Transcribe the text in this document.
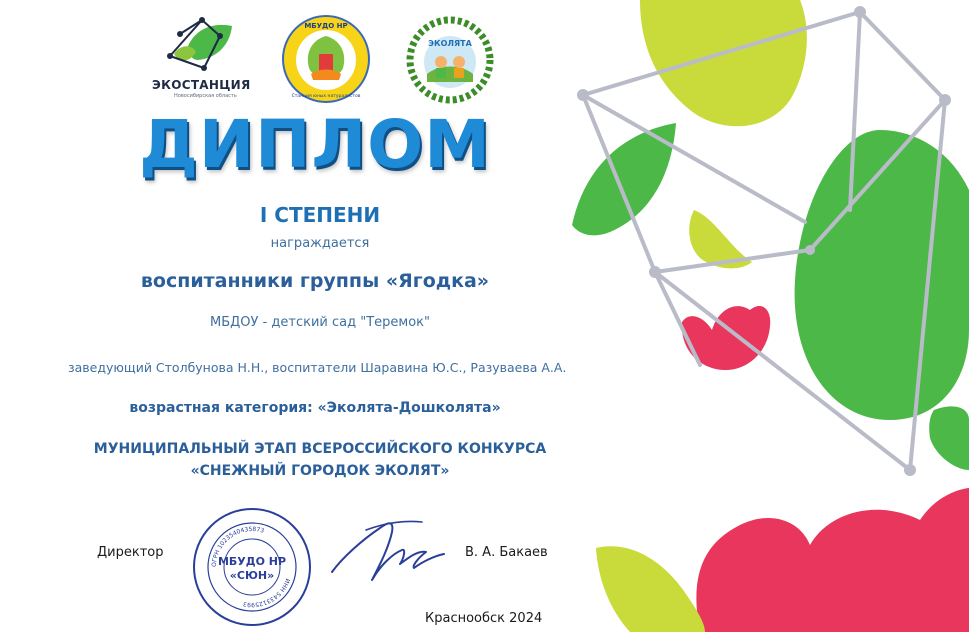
ЭКОСТАНЦИЯ
Новосибирская область
МБУДО НР
Станция юных натуралистов
ЭКОЛЯТА
ДИПЛОМ
I СТЕПЕНИ
награждается
воспитанники группы «Ягодка»
МБДОУ - детский сад "Теремок"
заведующий Столбунова Н.Н., воспитатели Шаравина Ю.С., Разуваева А.А.
возрастная категория: «Эколята-Дошколята»
МУНИЦИПАЛЬНЫЙ ЭТАП ВСЕРОССИЙСКОГО КОНКУРСА
«СНЕЖНЫЙ ГОРОДОК ЭКОЛЯТ»
ОГРН 1023540435873
ИНН 5433125993
МБУДО НР
«СЮН»
Директор	В. А. Бакаев
Краснообск 2024
